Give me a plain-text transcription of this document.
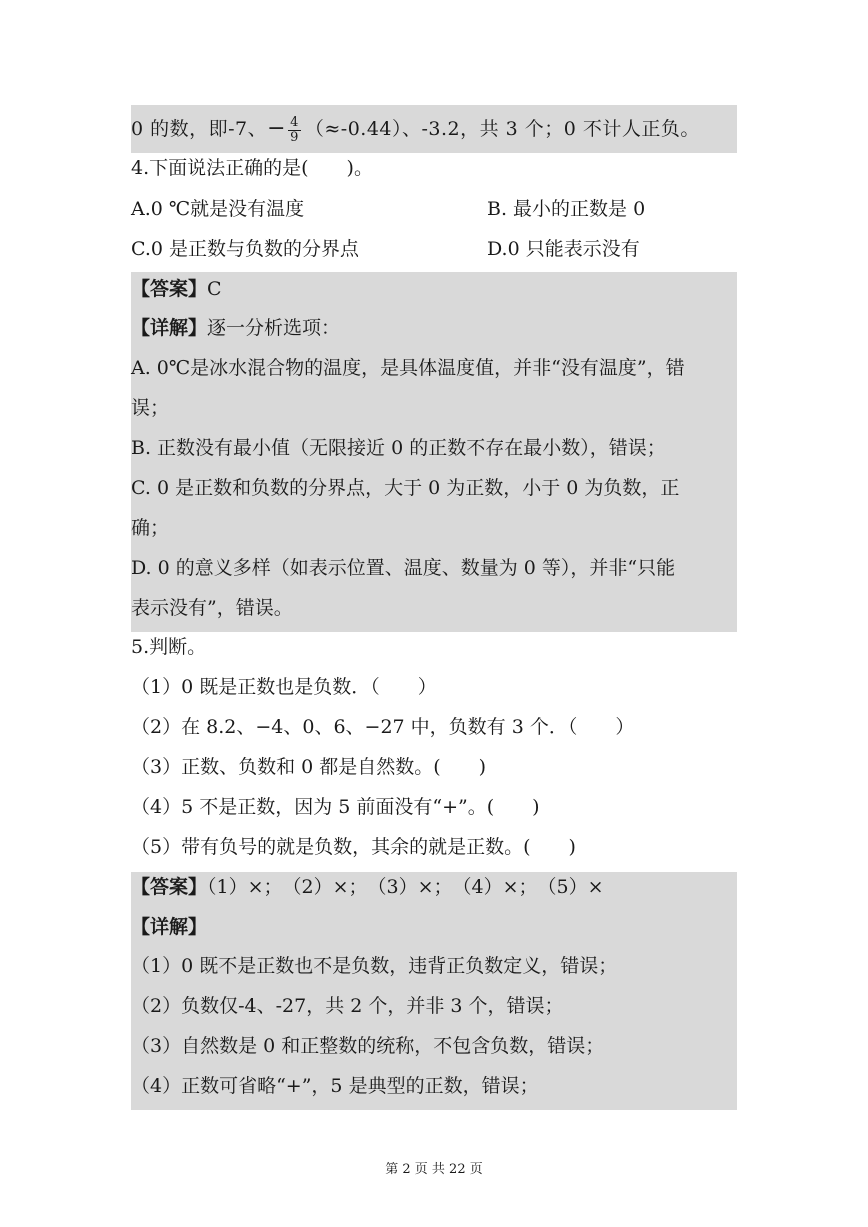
0 的数，即-7、− $\frac{4}{9} (\approx-0.44)$、-3.2，共 3 个；0 不计人正负。
4.下面说法正确的是(　　)。
A.0 ℃就是没有温度	B. 最小的正数是 0
C.0 是正数与负数的分界点	D.0 只能表示没有
【答案】C
【详解】逐一分析选项：
A. 0℃是冰水混合物的温度，是具体温度值，并非“没有温度”，错
误；
B. 正数没有最小值（无限接近 0 的正数不存在最小数），错误；
C. 0 是正数和负数的分界点，大于 0 为正数，小于 0 为负数，正
确；
D. 0 的意义多样（如表示位置、温度、数量为 0 等），并非“只能
表示没有”，错误。
5.判断。
（1）0 既是正数也是负数．（　　）
（2）在 8.2、−4、0、6、−27 中，负数有 3 个．（　　）
（3）正数、负数和 0 都是自然数。(　　)
（4）5 不是正数，因为 5 前面没有“+”。(　　)
（5）带有负号的就是负数，其余的就是正数。(　　)
【答案】（1）×；　（2）×；　（3）×；　（4）×；　（5）×
【详解】
（1）0 既不是正数也不是负数，违背正负数定义，错误；
（2）负数仅-4、-27，共 2 个，并非 3 个，错误；
（3）自然数是 0 和正整数的统称，不包含负数，错误；
（4）正数可省略“+”，5 是典型的正数，错误；
第 2 页 共 22 页
